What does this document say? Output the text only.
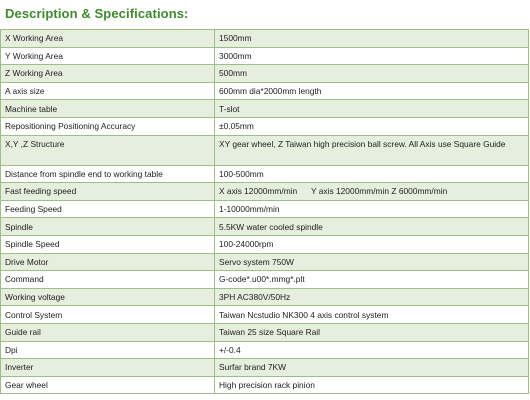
Description & Specifications:
X Working Area	1500mm
Y Working Area	3000mm
Z Working Area	500mm
A axis size	600mm dia*2000mm length
Machine table	T-slot
Repositioning Positioning Accuracy	±0.05mm
X,Y ,Z Structure	XY gear wheel, Z Taiwan high precision ball screw. All Axis use Square Guide
Distance from spindle end to working table	100-500mm
Fast feeding speed	X axis 12000mm/min      Y axis 12000mm/min Z 6000mm/min
Feeding Speed	1-10000mm/min
Spindle	5.5KW water cooled spindle
Spindle Speed	100-24000rpm
Drive Motor	Servo system 750W
Command	G-code*.u00*.mmg*.plt
Working voltage	3PH AC380V/50Hz
Control System	Taiwan Ncstudio NK300 4 axis control system
Guide rail	Taiwan 25 size Square Rail
Dpi	+/-0.4
Inverter	Surfar brand 7KW
Gear wheel	High precision rack pinion
